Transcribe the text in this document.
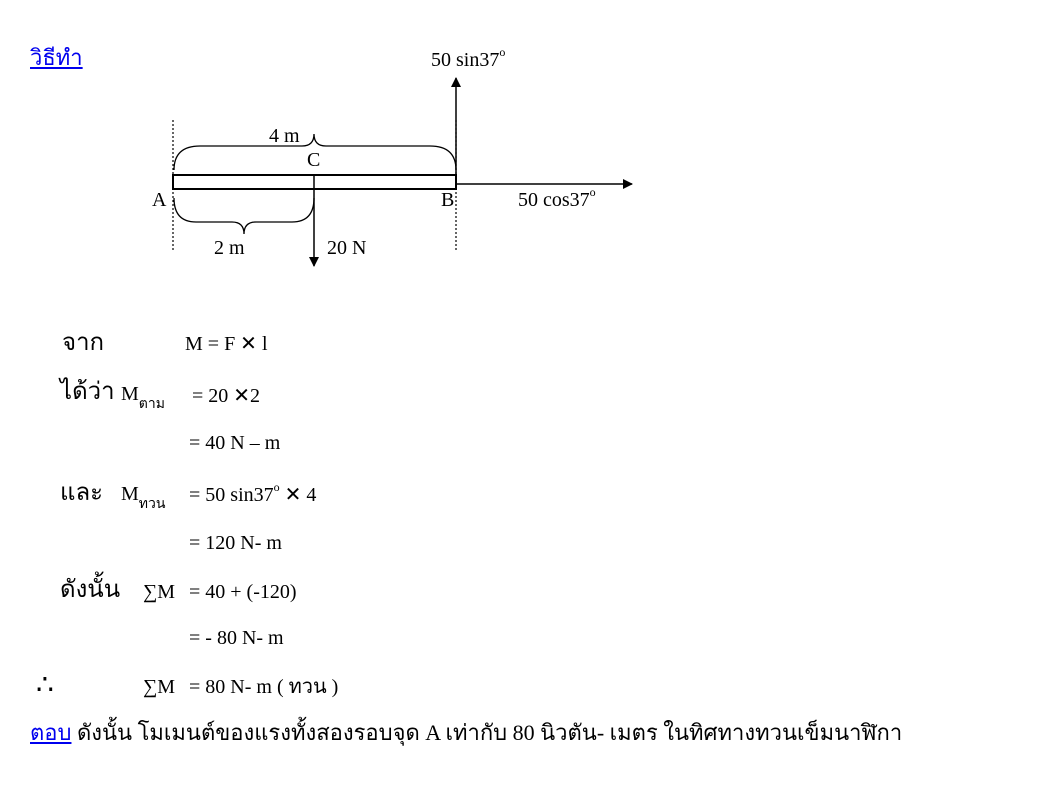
วิธีทำ	50 sin37$^o$
4 m
C
A	B	50 cos37$^o$
2 m	20 N
จาก	M = F ✕ l
ได้ว่า $M_{ตาม} = 20$ ✕2
= 40 N – m
และ $M_{ทวน} = 50$ sin37$^o$ ✕ 4
= 120 N- m
ดังนั้น ∑M = 40 + (-120)
= - 80 N- m
∴	∑M = 80 N- m ( ทวน )
ตอบ ดังนั้น โมเมนต์ของแรงทั้งสองรอบจุด A เท่ากับ 80 นิวตัน- เมตร ในทิศทางทวนเข็มนาฬิกา
